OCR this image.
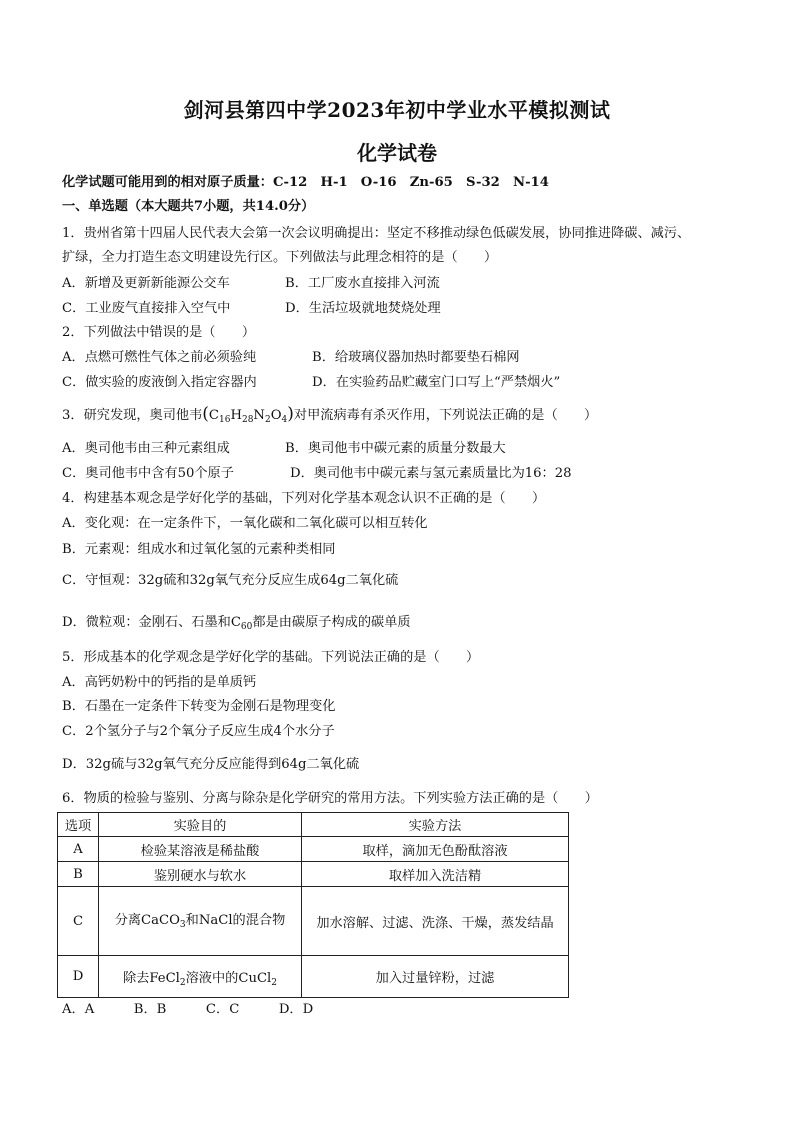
剑河县第四中学2023年初中学业水平模拟测试
化学试卷
化学试题可能用到的相对原子质量：C-12　H-1　O-16　Zn-65　S-32　N-14
一、单选题（本大题共7小题，共14.0分）
1．贵州省第十四届人民代表大会第一次会议明确提出：坚定不移推动绿色低碳发展，协同推进降碳、减污、
扩绿，全力打造生态文明建设先行区。下列做法与此理念相符的是（　　）
A．新增及更新新能源公交车	B．工厂废水直接排入河流
C．工业废气直接排入空气中	D．生活垃圾就地焚烧处理
2．下列做法中错误的是（　　）
A．点燃可燃性气体之前必须验纯	B．给玻璃仪器加热时都要垫石棉网
C．做实验的废液倒入指定容器内	D．在实验药品贮藏室门口写上“严禁烟火”
3．研究发现，奥司他韦$(C_{16}H_{28}N_2O_4)$对甲流病毒有杀灭作用，下列说法正确的是（　　）
A．奥司他韦由三种元素组成	B．奥司他韦中碳元素的质量分数最大
C．奥司他韦中含有50个原子	D．奥司他韦中碳元素与氢元素质量比为16：28
4．构建基本观念是学好化学的基础，下列对化学基本观念认识不正确的是（　　）
A．变化观：在一定条件下，一氧化碳和二氧化碳可以相互转化
B．元素观：组成水和过氧化氢的元素种类相同
C．守恒观：32g硫和32g氧气充分反应生成64g二氧化硫
D．微粒观：金刚石、石墨和$C_{60}$都是由碳原子构成的碳单质
5．形成基本的化学观念是学好化学的基础。下列说法正确的是（　　）
A．高钙奶粉中的钙指的是单质钙
B．石墨在一定条件下转变为金刚石是物理变化
C．2个氢分子与2个氧分子反应生成4个水分子
D．32g硫与32g氧气充分反应能得到64g二氧化硫
6．物质的检验与鉴别、分离与除杂是化学研究的常用方法。下列实验方法正确的是（　　）
选项	实验目的	实验方法
A	检验某溶液是稀盐酸	取样，滴加无色酚酞溶液
B	鉴别硬水与软水	取样加入洗洁精
C	分离CaCO$_3$和NaCl的混合物	加水溶解、过滤、洗涤、干燥，蒸发结晶
D	除去FeCl$_2$溶液中的CuCl$_2$	加入过量锌粉，过滤
A．A　　　B．B　　　C．C　　　D．D
